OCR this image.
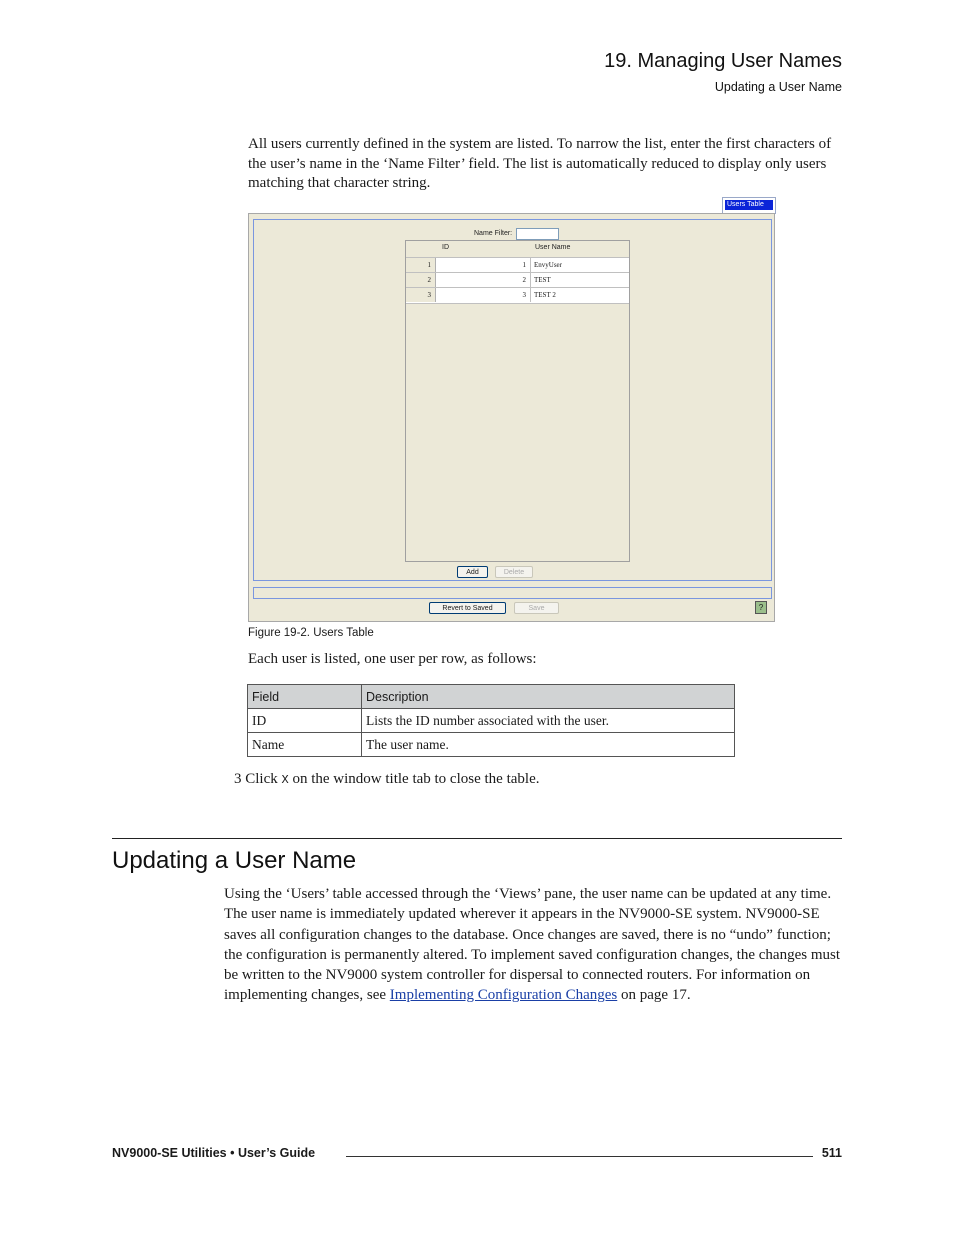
19. Managing User Names
Updating a User Name

All users currently defined in the system are listed. To narrow the list, enter the first characters of the user’s name in the ‘Name Filter’ field. The list is automatically reduced to display only users matching that character string.

Users Table
Name Filter:
ID	User Name
1	1	EnvyUser
2	2	TEST
3	3	TEST 2
Add	Delete
Revert to Saved	Save	?
Figure 19-2. Users Table
Each user is listed, one user per row, as follows:
Field	Description
ID	Lists the ID number associated with the user.
Name	The user name.
3 Click X on the window title tab to close the table.
Updating a User Name

Using the ‘Users’ table accessed through the ‘Views’ pane, the user name can be updated at any time. The user name is immediately updated wherever it appears in the NV9000-SE system. NV9000-SE saves all configuration changes to the database. Once changes are saved, there is no “undo” function; the configuration is permanently altered. To implement saved configuration changes, the changes must be written to the NV9000 system controller for dispersal to connected routers. For information on implementing changes, see Implementing Configuration Changes on page 17.

NV9000-SE Utilities • User’s Guide	511
